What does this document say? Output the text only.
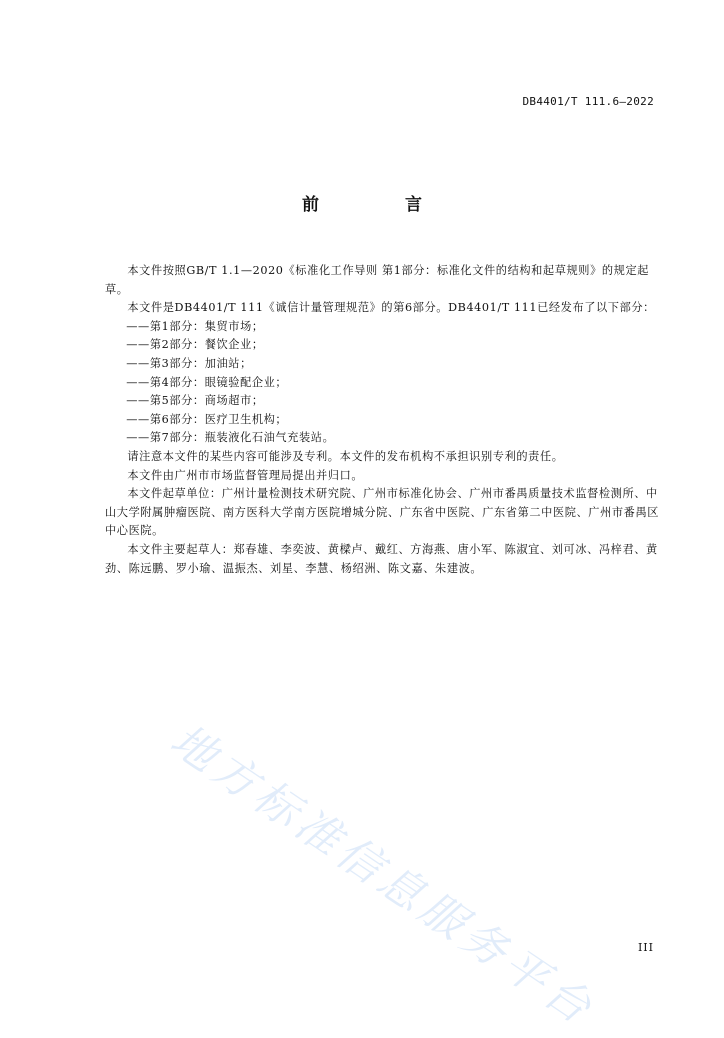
DB4401/T 111.6—2022
前 言

本文件按照GB/T 1.1—2020《标准化工作导则 第1部分：标准化文件的结构和起草规则》的规定起草。

本文件是DB4401/T 111《诚信计量管理规范》的第6部分。DB4401/T 111已经发布了以下部分：

——第1部分：集贸市场；

——第2部分：餐饮企业；

——第3部分：加油站；

——第4部分：眼镜验配企业；

——第5部分：商场超市；

——第6部分：医疗卫生机构；

——第7部分：瓶装液化石油气充装站。

请注意本文件的某些内容可能涉及专利。本文件的发布机构不承担识别专利的责任。

本文件由广州市市场监督管理局提出并归口。

本文件起草单位：广州计量检测技术研究院、广州市标准化协会、广州市番禺质量技术监督检测所、中山大学附属肿瘤医院、南方医科大学南方医院增城分院、广东省中医院、广东省第二中医院、广州市番禺区中心医院。

本文件主要起草人：郑春雄、李奕波、黄樑卢、戴红、方海燕、唐小军、陈淑宜、刘可冰、冯梓君、黄劲、陈远鹏、罗小瑜、温振杰、刘星、李慧、杨绍洲、陈文嘉、朱建波。

地方标准信息服务平台	III
